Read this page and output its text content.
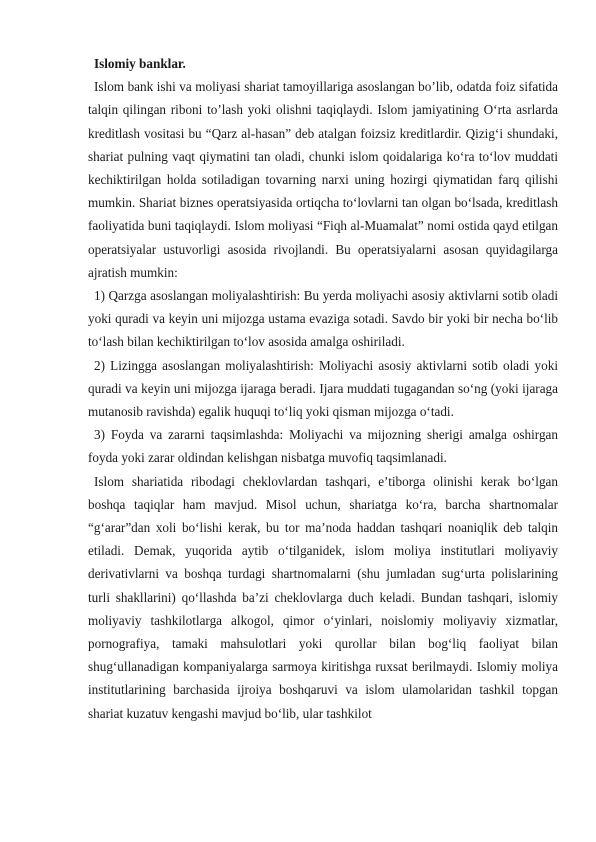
Islomiy banklar.

Islom bank ishi va moliyasi shariat tamoyillariga asoslangan bo’lib, odatda foiz sifatida talqin qilingan riboni to’lash yoki olishni taqiqlaydi. Islom jamiyatining O‘rta asrlarda kreditlash vositasi bu “Qarz al-hasan” deb atalgan foizsiz kreditlardir. Qizig‘i shundaki, shariat pulning vaqt qiymatini tan oladi, chunki islom qoidalariga ko‘ra to‘lov muddati kechiktirilgan holda sotiladigan tovarning narxi uning hozirgi qiymatidan farq qilishi mumkin. Shariat biznes operatsiyasida ortiqcha to‘lovlarni tan olgan bo‘lsada, kreditlash faoliyatida buni taqiqlaydi. Islom moliyasi “Fiqh al-Muamalat” nomi ostida qayd etilgan operatsiyalar ustuvorligi asosida rivojlandi. Bu operatsiyalarni asosan quyidagilarga ajratish mumkin:

1) Qarzga asoslangan moliyalashtirish: Bu yerda moliyachi asosiy aktivlarni sotib oladi yoki quradi va keyin uni mijozga ustama evaziga sotadi. Savdo bir yoki bir necha bo‘lib to‘lash bilan kechiktirilgan to‘lov asosida amalga oshiriladi.

2) Lizingga asoslangan moliyalashtirish: Moliyachi asosiy aktivlarni sotib oladi yoki quradi va keyin uni mijozga ijaraga beradi. Ijara muddati tugagandan so‘ng (yoki ijaraga mutanosib ravishda) egalik huquqi to‘liq yoki qisman mijozga o‘tadi.

3) Foyda va zararni taqsimlashda: Moliyachi va mijozning sherigi amalga oshirgan foyda yoki zarar oldindan kelishgan nisbatga muvofiq taqsimlanadi.

Islom shariatida ribodagi cheklovlardan tashqari, e’tiborga olinishi kerak bo‘lgan boshqa taqiqlar ham mavjud. Misol uchun, shariatga ko‘ra, barcha shartnomalar “g‘arar”dan xoli bo‘lishi kerak, bu tor ma’noda haddan tashqari noaniqlik deb talqin etiladi. Demak, yuqorida aytib o‘tilganidek, islom moliya institutlari moliyaviy derivativlarni va boshqa turdagi shartnomalarni (shu jumladan sug‘urta polislarining turli shakllarini) qo‘llashda ba’zi cheklovlarga duch keladi. Bundan tashqari, islomiy moliyaviy tashkilotlarga alkogol, qimor o‘yinlari, noislomiy moliyaviy xizmatlar, pornografiya, tamaki mahsulotlari yoki qurollar bilan bog‘liq faoliyat bilan shug‘ullanadigan kompaniyalarga sarmoya kiritishga ruxsat berilmaydi. Islomiy moliya institutlarining barchasida ijroiya boshqaruvi va islom ulamolaridan tashkil topgan shariat kuzatuv kengashi mavjud bo‘lib, ular tashkilot
